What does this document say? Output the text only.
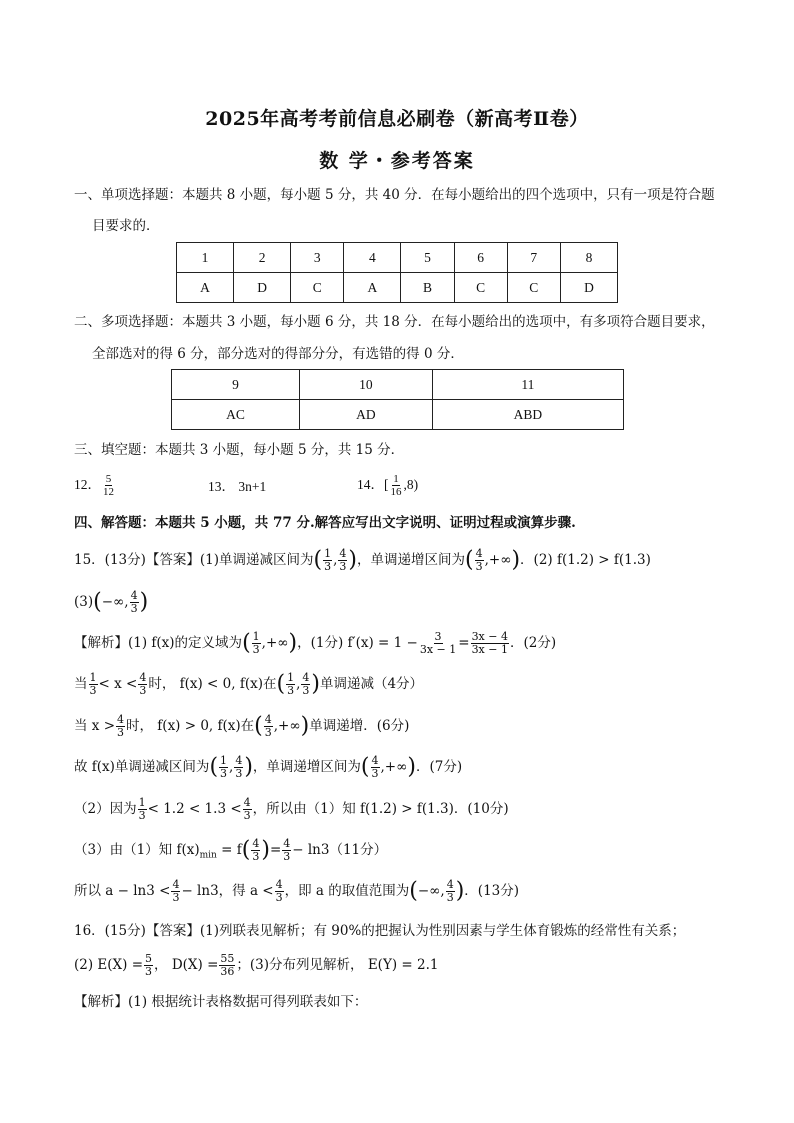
2025年高考考前信息必刷卷（新高考Ⅱ卷）
数 学・参考答案
一、单项选择题：本题共 8 小题，每小题 5 分，共 40 分．在每小题给出的四个选项中，只有一项是符合题
目要求的．
1	2	3	4	5	6	7	8
A	D	C	A	B	C	C	D
二、多项选择题：本题共 3 小题，每小题 6 分，共 18 分．在每小题给出的选项中，有多项符合题目要求，
全部选对的得 6 分，部分选对的得部分分，有选错的得 0 分．
9	10	11
AC	AD	ABD
三、填空题：本题共 3 小题，每小题 5 分，共 15 分．
12． $\frac{5}{12}$	13． 3n+1	14．[ $\frac{1}{16} ,8$)
四、解答题：本题共 5 小题，共 77 分.解答应写出文字说明、证明过程或演算步骤.
15．(13分)【答案】(1)单调递减区间为( $\frac{1}{3}$ , $\frac{4}{3}$ )，单调递增区间为( $\frac{4}{3}$ ,+∞)．(2) f(1.2) > f(1.3)
(3)(−∞, $\frac{4}{3}$ )
【解析】(1) f(x)的定义域为( $\frac{1}{3}$ ,+∞)，(1分) $f'(x) = 1 - \frac{3}{3x - 1} = \frac{3x - 4}{3x - 1}$ ．(2分)
当 $\frac{1}{3} < x < \frac{4}{3}$ 时， f(x) < 0, f(x)在( $\frac{1}{3}$ , $\frac{4}{3}$ )单调递减（4分）
当 $x > \frac{4}{3}$ 时， f(x) > 0, f(x)在( $\frac{4}{3}$ ,+∞)单调递增．(6分)
故 f(x)单调递减区间为( $\frac{1}{3}$ , $\frac{4}{3}$ )，单调递增区间为( $\frac{4}{3}$ ,+∞)．(7分)
（2）因为 $\frac{1}{3} < 1.2 < 1.3 < \frac{4}{3}$ ，所以由（1）知 f(1.2) > f(1.3)．(10分)
（3）由（1）知 $f(x)_{min} = f( \frac{4}{3}$ )= $\frac{4}{3} - \ln 3(11$分）
所以 $a - \ln 3 < \frac{4}{3} - \ln 3$，得 $a < \frac{4}{3}$ ，即 a 的取值范围为(−∞, $\frac{4}{3}$ )．(13分)
16．(15分)【答案】(1)列联表见解析；有 90%的把握认为性别因素与学生体育锻炼的经常性有关系；
(2) $E(X) = \frac{5}{3}$ ， $D(X) = \frac{55}{36}$ ；(3)分布列见解析， E(Y) = 2.1
【解析】(1) 根据统计表格数据可得列联表如下：
